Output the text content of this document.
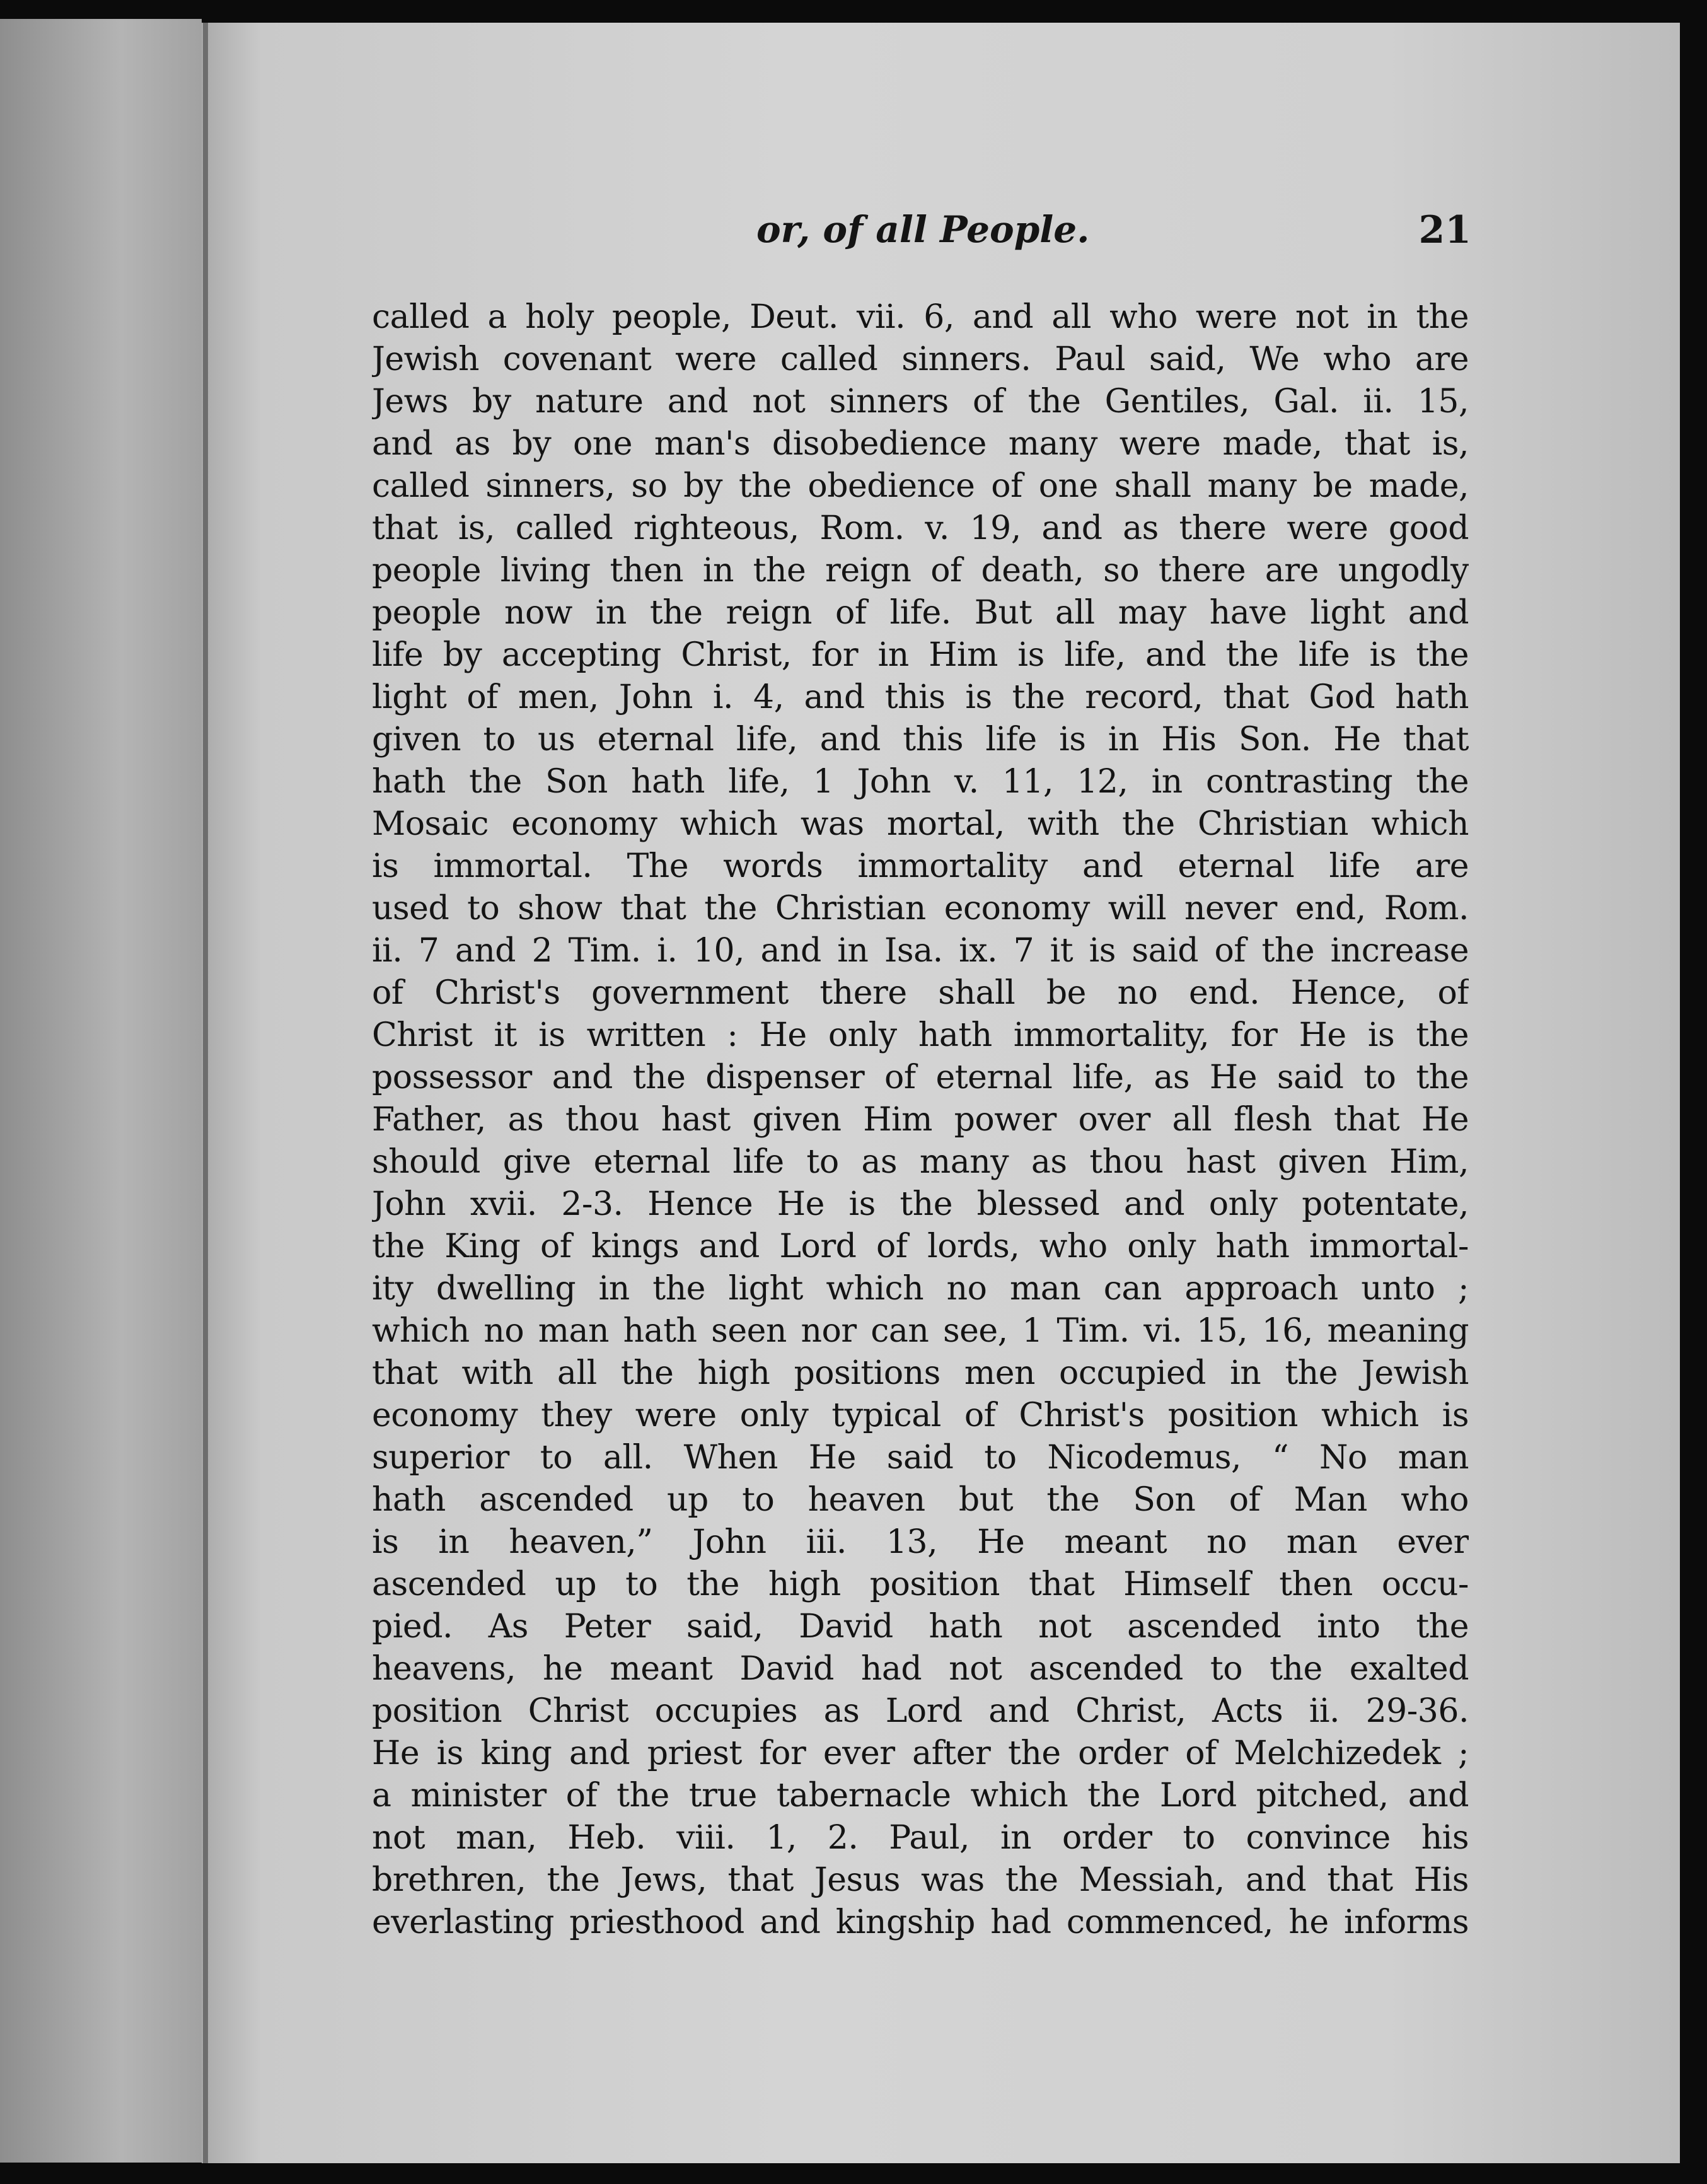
or, of all People.	21
called a holy people, Deut. vii. 6, and all who were not in the
Jewish covenant were called sinners. Paul said, We who are
Jews by nature and not sinners of the Gentiles, Gal. ii. 15,
and as by one man's disobedience many were made, that is,
called sinners, so by the obedience of one shall many be made,
that is, called righteous, Rom. v. 19, and as there were good
people living then in the reign of death, so there are ungodly
people now in the reign of life. But all may have light and
life by accepting Christ, for in Him is life, and the life is the
light of men, John i. 4, and this is the record, that God hath
given to us eternal life, and this life is in His Son. He that
hath the Son hath life, 1 John v. 11, 12, in contrasting the
Mosaic economy which was mortal, with the Christian which
is immortal. The words immortality and eternal life are
used to show that the Christian economy will never end, Rom.
ii. 7 and 2 Tim. i. 10, and in Isa. ix. 7 it is said of the increase
of Christ's government there shall be no end. Hence, of
Christ it is written : He only hath immortality, for He is the
possessor and the dispenser of eternal life, as He said to the
Father, as thou hast given Him power over all flesh that He
should give eternal life to as many as thou hast given Him,
John xvii. 2-3. Hence He is the blessed and only potentate,
the King of kings and Lord of lords, who only hath immortal-
ity dwelling in the light which no man can approach unto ;
which no man hath seen nor can see, 1 Tim. vi. 15, 16, meaning
that with all the high positions men occupied in the Jewish
economy they were only typical of Christ's position which is
superior to all. When He said to Nicodemus, “ No man
hath ascended up to heaven but the Son of Man who
is in heaven,” John iii. 13, He meant no man ever
ascended up to the high position that Himself then occu-
pied. As Peter said, David hath not ascended into the
heavens, he meant David had not ascended to the exalted
position Christ occupies as Lord and Christ, Acts ii. 29-36.
He is king and priest for ever after the order of Melchizedek ;
a minister of the true tabernacle which the Lord pitched, and
not man, Heb. viii. 1, 2. Paul, in order to convince his
brethren, the Jews, that Jesus was the Messiah, and that His
everlasting priesthood and kingship had commenced, he informs
